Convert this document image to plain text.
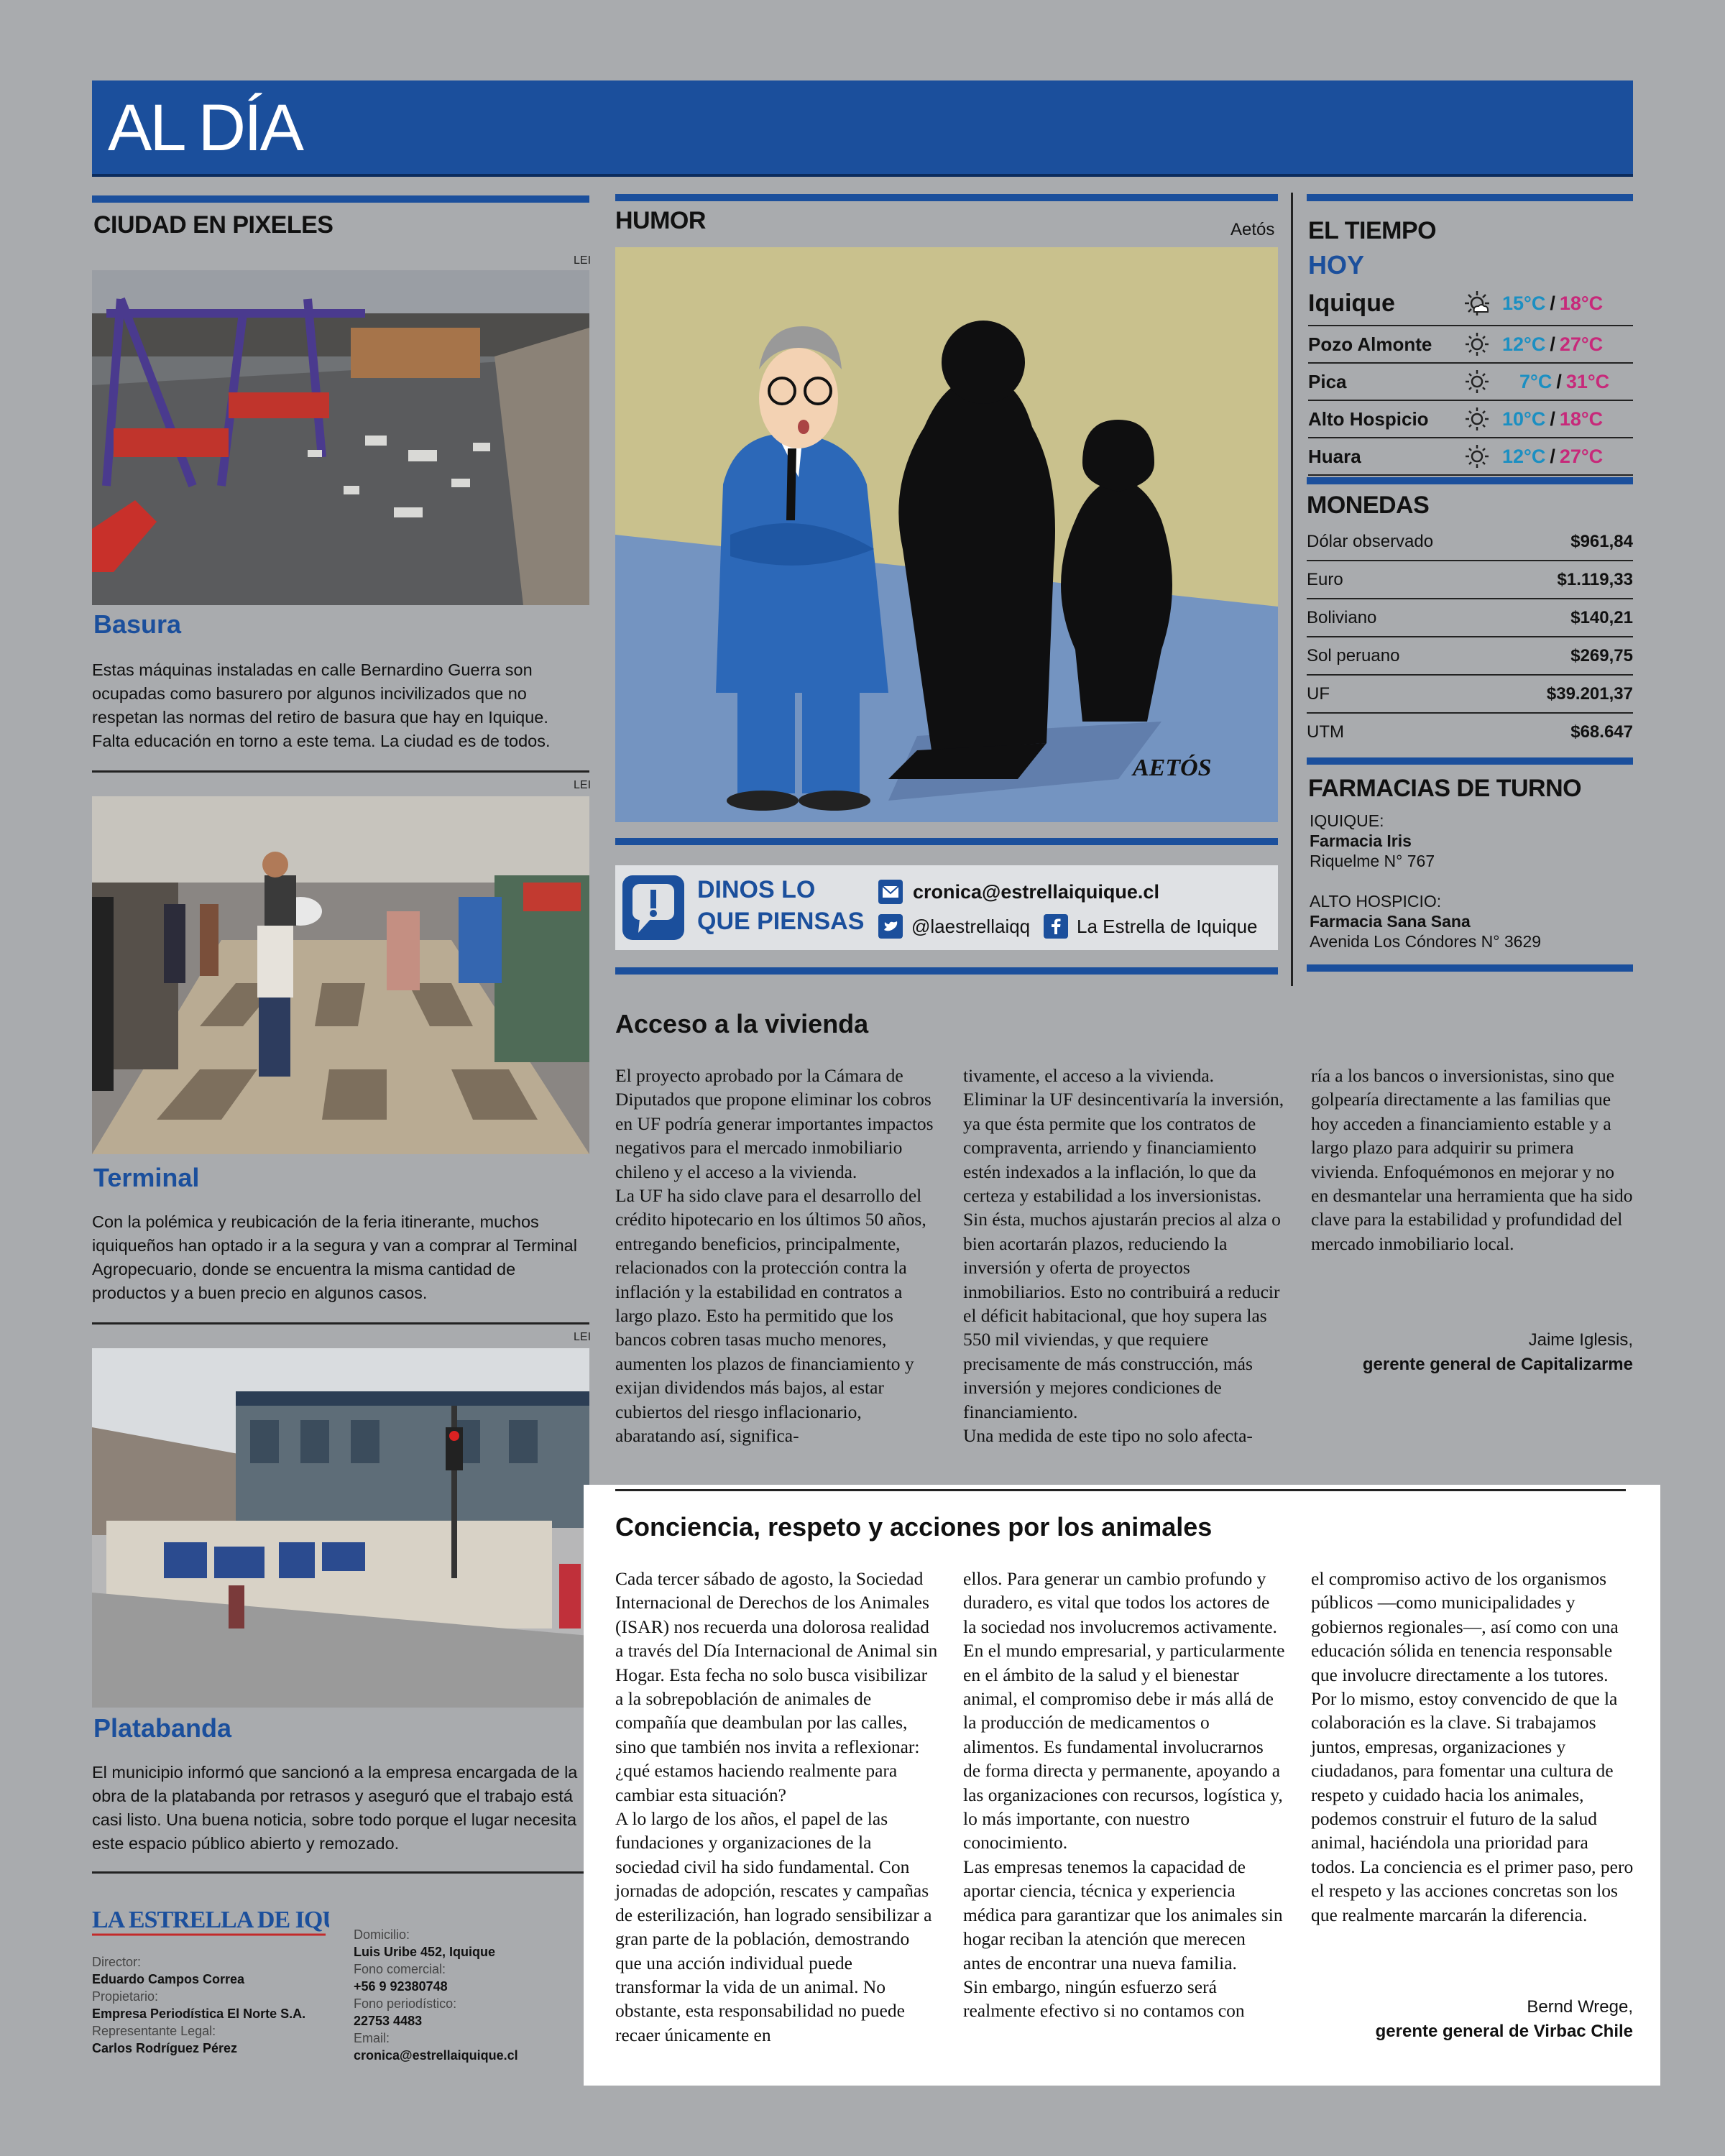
AL DÍA
CIUDAD EN PIXELES
LEI
Basura
Estas máquinas instaladas en calle Bernardino Guerra son ocupadas como basurero por algunos incivilizados que no respetan las normas del retiro de basura que hay en Iquique. Falta educación en torno a este tema. La ciudad es de todos.
LEI
Terminal
Con la polémica y reubicación de la feria itinerante, muchos iquiqueños han optado ir a la segura y van a comprar al Terminal Agropecuario, donde se encuentra la misma cantidad de productos y a buen precio en algunos casos.
LEI
Platabanda
El municipio informó que sancionó a la empresa encargada de la obra de la platabanda por retrasos y aseguró que el trabajo está casi listo. Una buena noticia, sobre todo porque el lugar necesita este espacio público abierto y remozado.
LA ESTRELLA DE IQ
Director:
Eduardo Campos Correa
Propietario:
Empresa Periodística El Norte S.A.
Representante Legal:
Carlos Rodríguez Pérez
Domicilio:
Luis Uribe 452, Iquique
Fono comercial:
+56 9 92380748
Fono periodístico:
22753 4483
Email:
cronica@estrellaiquique.cl
HUMOR	Aetós
AETÓS
DINOS LO
QUE PIENSAS
cronica@estrellaiquique.cl
@laestrellaiqq La Estrella de Iquique
EL TIEMPO
HOY
Iquique	15°C / 18°C
Pozo Almonte	12°C / 27°C
Pica	7°C / 31°C
Alto Hospicio	10°C / 18°C
Huara	12°C / 27°C
MONEDAS
Dólar observado	$961,84
Euro	$1.119,33
Boliviano	$140,21
Sol peruano	$269,75
UF	$39.201,37
UTM	$68.647
FARMACIAS DE TURNO
IQUIQUE:
Farmacia Iris
Riquelme N° 767
ALTO HOSPICIO:
Farmacia Sana Sana
Avenida Los Cóndores N° 3629
Acceso a la vivienda
El proyecto aprobado por la Cámara de Diputados que propone eliminar los cobros en UF podría generar importantes impactos negativos para el mercado inmobiliario chileno y el acceso a la vivienda.
La UF ha sido clave para el desarrollo del crédito hipotecario en los últimos 50 años, entregando beneficios, principalmente, relacionados con la protección contra la inflación y la estabilidad en contratos a largo plazo. Esto ha permitido que los bancos cobren tasas mucho menores, aumenten los plazos de financiamiento y exijan dividendos más bajos, al estar cubiertos del riesgo inflacionario, abaratando así, significa-
tivamente, el acceso a la vivienda.
Eliminar la UF desincentivaría la inversión, ya que ésta permite que los contratos de compraventa, arriendo y financiamiento estén indexados a la inflación, lo que da certeza y estabilidad a los inversionistas. Sin ésta, muchos ajustarán precios al alza o bien acortarán plazos, reduciendo la inversión y oferta de proyectos inmobiliarios. Esto no contribuirá a reducir el déficit habitacional, que hoy supera las 550 mil viviendas, y que requiere precisamente de más construcción, más inversión y mejores condiciones de financiamiento.
Una medida de este tipo no solo afecta-
ría a los bancos o inversionistas, sino que golpearía directamente a las familias que hoy acceden a financiamiento estable y a largo plazo para adquirir su primera vivienda. Enfoquémonos en mejorar y no en desmantelar una herramienta que ha sido clave para la estabilidad y profundidad del mercado inmobiliario local.
Jaime Iglesis,
gerente general de Capitalizarme
Conciencia, respeto y acciones por los animales
Cada tercer sábado de agosto, la Sociedad Internacional de Derechos de los Animales (ISAR) nos recuerda una dolorosa realidad a través del Día Internacional de Animal sin Hogar. Esta fecha no solo busca visibilizar a la sobrepoblación de animales de compañía que deambulan por las calles, sino que también nos invita a reflexionar: ¿qué estamos haciendo realmente para cambiar esta situación?
A lo largo de los años, el papel de las fundaciones y organizaciones de la sociedad civil ha sido fundamental. Con jornadas de adopción, rescates y campañas de esterilización, han logrado sensibilizar a gran parte de la población, demostrando que una acción individual puede transformar la vida de un animal. No obstante, esta responsabilidad no puede recaer únicamente en
ellos. Para generar un cambio profundo y duradero, es vital que todos los actores de la sociedad nos involucremos activamente.
En el mundo empresarial, y particularmente en el ámbito de la salud y el bienestar animal, el compromiso debe ir más allá de la producción de medicamentos o alimentos. Es fundamental involucrarnos de forma directa y permanente, apoyando a las organizaciones con recursos, logística y, lo más importante, con nuestro conocimiento.
Las empresas tenemos la capacidad de aportar ciencia, técnica y experiencia médica para garantizar que los animales sin hogar reciban la atención que merecen antes de encontrar una nueva familia.
Sin embargo, ningún esfuerzo será realmente efectivo si no contamos con
el compromiso activo de los organismos públicos —como municipalidades y gobiernos regionales—, así como con una educación sólida en tenencia responsable que involucre directamente a los tutores.
Por lo mismo, estoy convencido de que la colaboración es la clave. Si trabajamos juntos, empresas, organizaciones y ciudadanos, para fomentar una cultura de respeto y cuidado hacia los animales, podemos construir el futuro de la salud animal, haciéndola una prioridad para todos. La conciencia es el primer paso, pero el respeto y las acciones concretas son los que realmente marcarán la diferencia.
Bernd Wrege,
gerente general de Virbac Chile
